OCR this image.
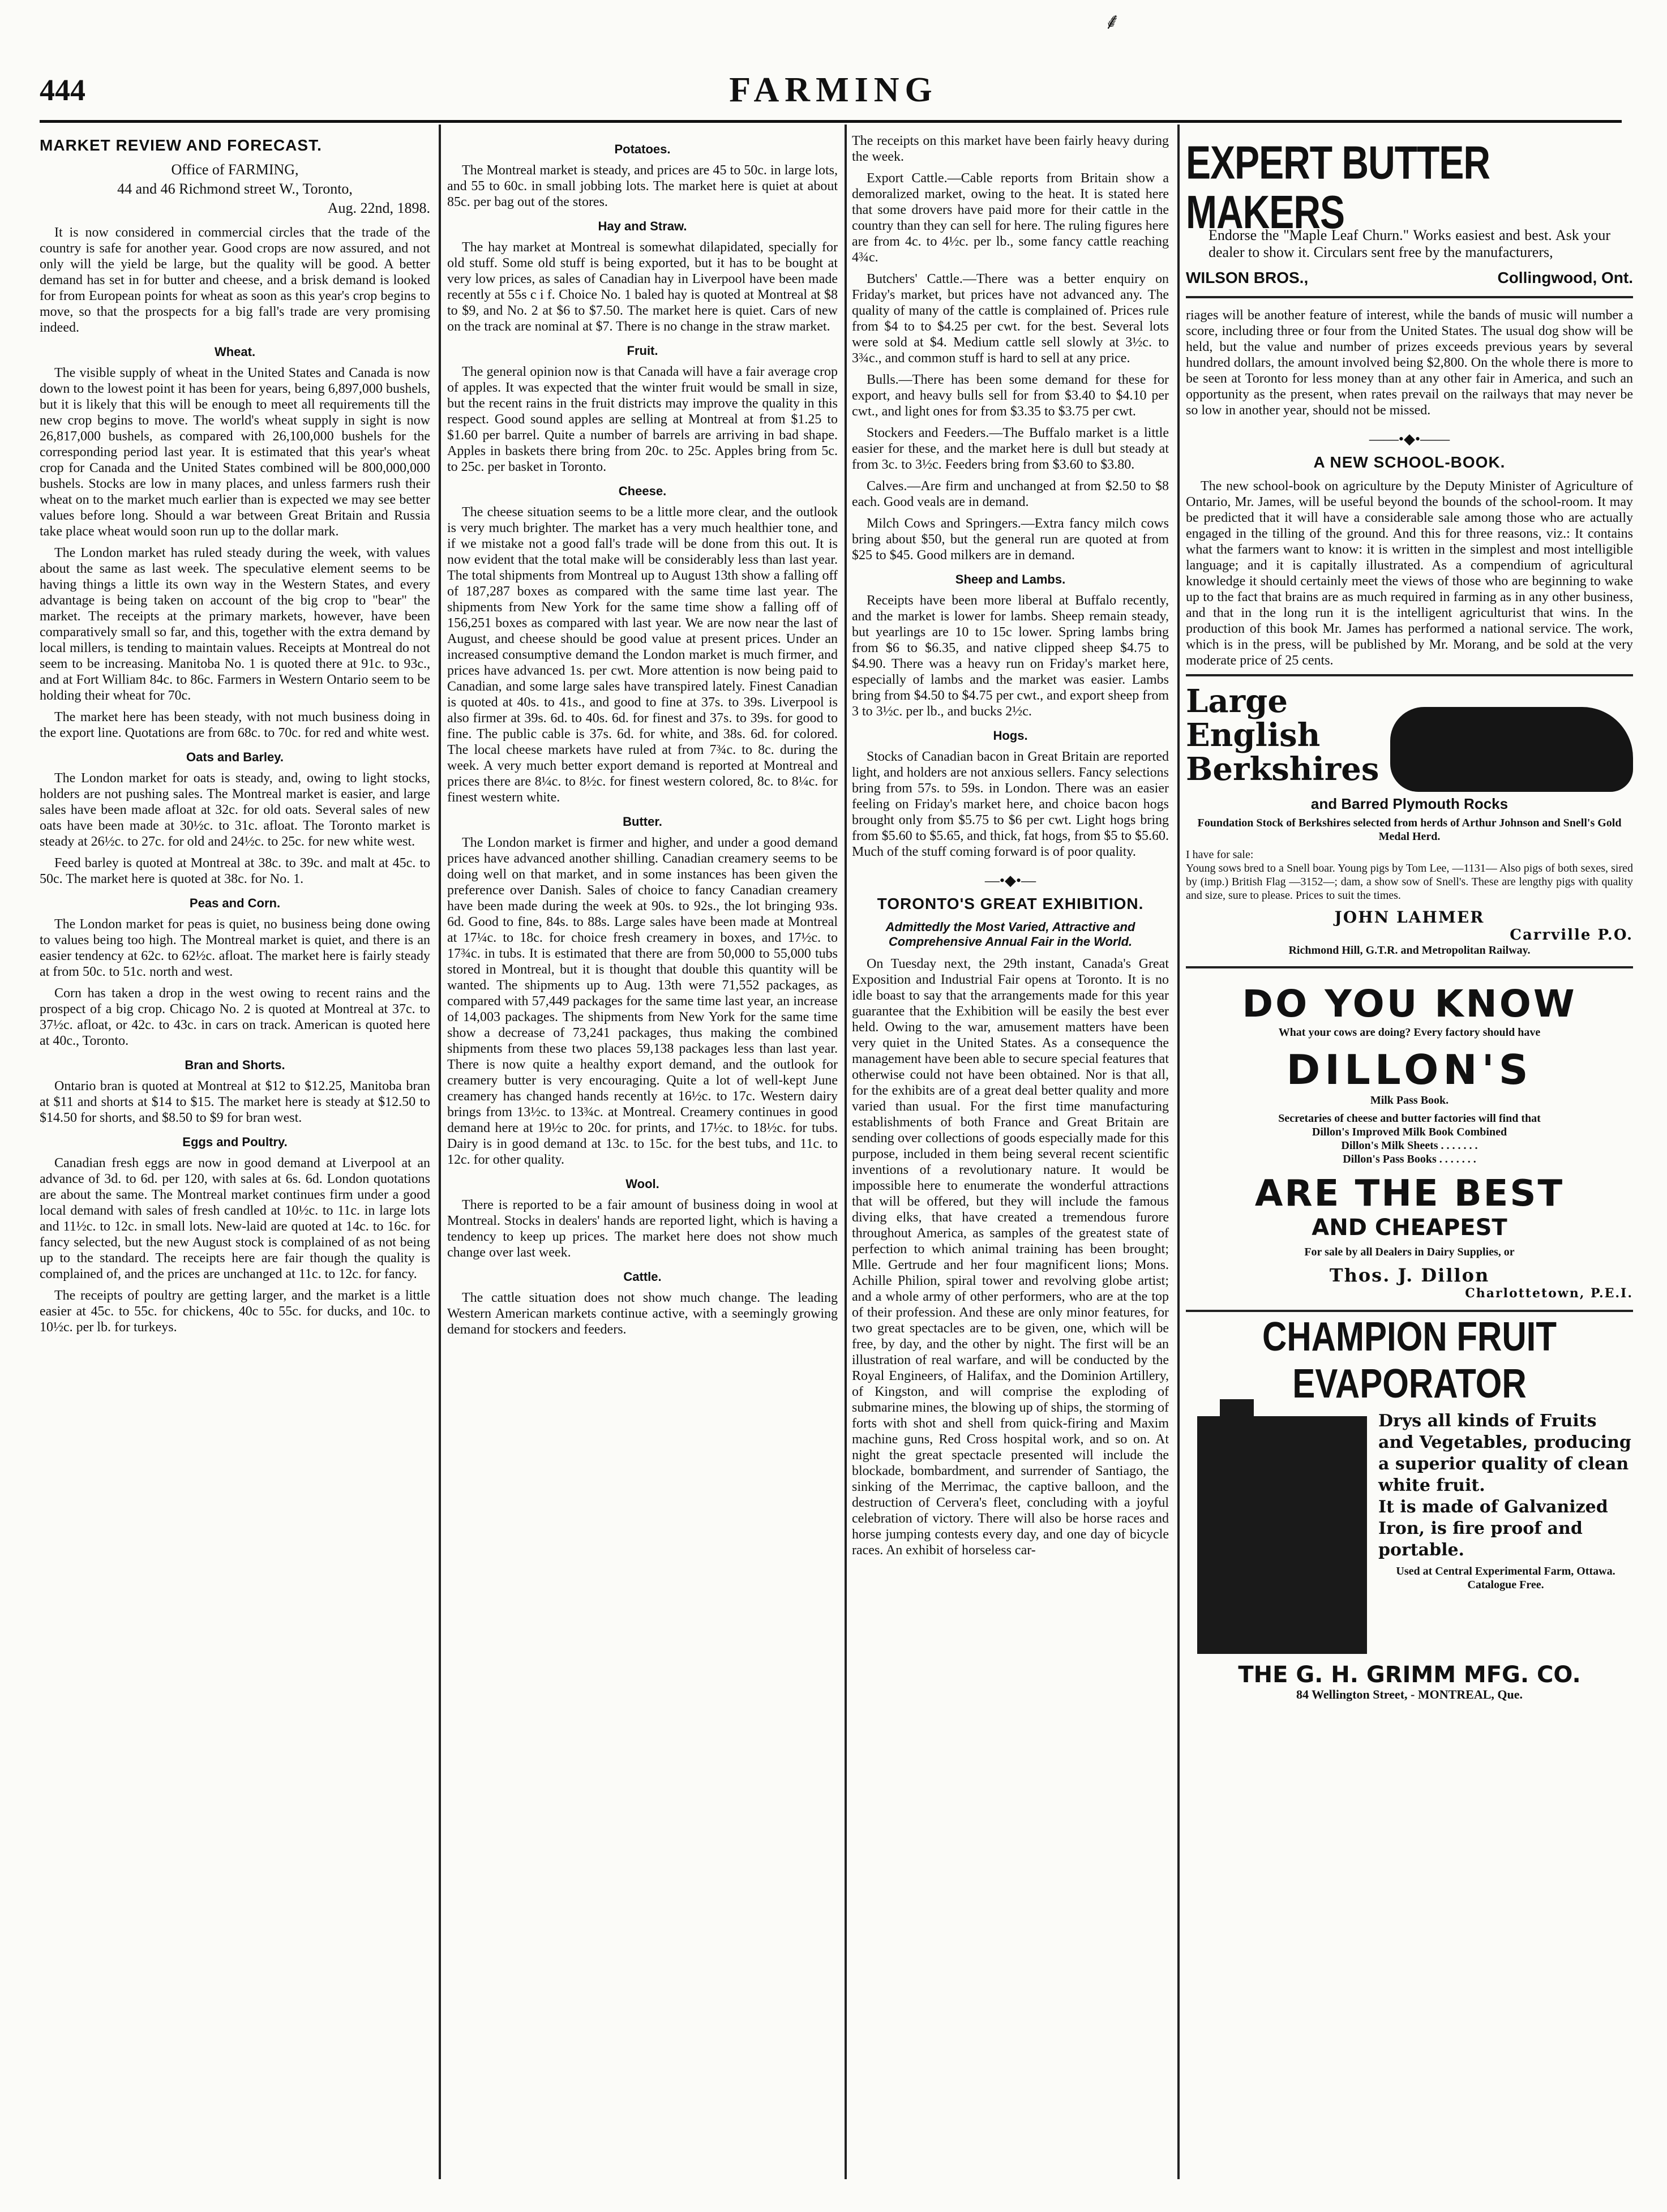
⸙
444	FARMING
MARKET REVIEW AND FORECAST.
Office of FARMING,
44 and 46 Richmond street W., Toronto,
Aug. 22nd, 1898.

It is now considered in commercial circles that the trade of the country is safe for another year. Good crops are now assured, and not only will the yield be large, but the quality will be good. A better demand has set in for butter and cheese, and a brisk demand is looked for from European points for wheat as soon as this year's crop begins to move, so that the prospects for a big fall's trade are very promising indeed.

Wheat.

The visible supply of wheat in the United States and Canada is now down to the lowest point it has been for years, being 6,897,000 bushels, but it is likely that this will be enough to meet all requirements till the new crop begins to move. The world's wheat supply in sight is now 26,817,000 bushels, as compared with 26,100,000 bushels for the corresponding period last year. It is estimated that this year's wheat crop for Canada and the United States combined will be 800,000,000 bushels. Stocks are low in many places, and unless farmers rush their wheat on to the market much earlier than is expected we may see better values before long. Should a war between Great Britain and Russia take place wheat would soon run up to the dollar mark.

The London market has ruled steady during the week, with values about the same as last week. The speculative element seems to be having things a little its own way in the Western States, and every advantage is being taken on account of the big crop to "bear" the market. The receipts at the primary markets, however, have been comparatively small so far, and this, together with the extra demand by local millers, is tending to maintain values. Receipts at Montreal do not seem to be increasing. Manitoba No. 1 is quoted there at 91c. to 93c., and at Fort William 84c. to 86c. Farmers in Western Ontario seem to be holding their wheat for 70c.

The market here has been steady, with not much business doing in the export line. Quotations are from 68c. to 70c. for red and white west.

Oats and Barley.

The London market for oats is steady, and, owing to light stocks, holders are not pushing sales. The Montreal market is easier, and large sales have been made afloat at 32c. for old oats. Several sales of new oats have been made at 30½c. to 31c. afloat. The Toronto market is steady at 26½c. to 27c. for old and 24½c. to 25c. for new white west.

Feed barley is quoted at Montreal at 38c. to 39c. and malt at 45c. to 50c. The market here is quoted at 38c. for No. 1.

Peas and Corn.

The London market for peas is quiet, no business being done owing to values being too high. The Montreal market is quiet, and there is an easier tendency at 62c. to 62½c. afloat. The market here is fairly steady at from 50c. to 51c. north and west.

Corn has taken a drop in the west owing to recent rains and the prospect of a big crop. Chicago No. 2 is quoted at Montreal at 37c. to 37½c. afloat, or 42c. to 43c. in cars on track. American is quoted here at 40c., Toronto.

Bran and Shorts.

Ontario bran is quoted at Montreal at $12 to $12.25, Manitoba bran at $11 and shorts at $14 to $15. The market here is steady at $12.50 to $14.50 for shorts, and $8.50 to $9 for bran west.

Eggs and Poultry.

Canadian fresh eggs are now in good demand at Liverpool at an advance of 3d. to 6d. per 120, with sales at 6s. 6d. London quotations are about the same. The Montreal market continues firm under a good local demand with sales of fresh candled at 10½c. to 11c. in large lots and 11½c. to 12c. in small lots. New-laid are quoted at 14c. to 16c. for fancy selected, but the new August stock is complained of as not being up to the standard. The receipts here are fair though the quality is complained of, and the prices are unchanged at 11c. to 12c. for fancy.

The receipts of poultry are getting larger, and the market is a little easier at 45c. to 55c. for chickens, 40c to 55c. for ducks, and 10c. to 10½c. per lb. for turkeys.

Potatoes.

The Montreal market is steady, and prices are 45 to 50c. in large lots, and 55 to 60c. in small jobbing lots. The market here is quiet at about 85c. per bag out of the stores.

Hay and Straw.

The hay market at Montreal is somewhat dilapidated, specially for old stuff. Some old stuff is being exported, but it has to be bought at very low prices, as sales of Canadian hay in Liverpool have been made recently at 55s c i f. Choice No. 1 baled hay is quoted at Montreal at $8 to $9, and No. 2 at $6 to $7.50. The market here is quiet. Cars of new on the track are nominal at $7. There is no change in the straw market.

Fruit.

The general opinion now is that Canada will have a fair average crop of apples. It was expected that the winter fruit would be small in size, but the recent rains in the fruit districts may improve the quality in this respect. Good sound apples are selling at Montreal at from $1.25 to $1.60 per barrel. Quite a number of barrels are arriving in bad shape. Apples in baskets there bring from 20c. to 25c. Apples bring from 5c. to 25c. per basket in Toronto.

Cheese.

The cheese situation seems to be a little more clear, and the outlook is very much brighter. The market has a very much healthier tone, and if we mistake not a good fall's trade will be done from this out. It is now evident that the total make will be considerably less than last year. The total shipments from Montreal up to August 13th show a falling off of 187,287 boxes as compared with the same time last year. The shipments from New York for the same time show a falling off of 156,251 boxes as compared with last year. We are now near the last of August, and cheese should be good value at present prices. Under an increased consumptive demand the London market is much firmer, and prices have advanced 1s. per cwt. More attention is now being paid to Canadian, and some large sales have transpired lately. Finest Canadian is quoted at 40s. to 41s., and good to fine at 37s. to 39s. Liverpool is also firmer at 39s. 6d. to 40s. 6d. for finest and 37s. to 39s. for good to fine. The public cable is 37s. 6d. for white, and 38s. 6d. for colored. The local cheese markets have ruled at from 7¾c. to 8c. during the week. A very much better export demand is reported at Montreal and prices there are 8¼c. to 8½c. for finest western colored, 8c. to 8¼c. for finest western white.

Butter.

The London market is firmer and higher, and under a good demand prices have advanced another shilling. Canadian creamery seems to be doing well on that market, and in some instances has been given the preference over Danish. Sales of choice to fancy Canadian creamery have been made during the week at 90s. to 92s., the lot bringing 93s. 6d. Good to fine, 84s. to 88s. Large sales have been made at Montreal at 17¼c. to 18c. for choice fresh creamery in boxes, and 17½c. to 17¾c. in tubs. It is estimated that there are from 50,000 to 55,000 tubs stored in Montreal, but it is thought that double this quantity will be wanted. The shipments up to Aug. 13th were 71,552 packages, as compared with 57,449 packages for the same time last year, an increase of 14,003 packages. The shipments from New York for the same time show a decrease of 73,241 packages, thus making the combined shipments from these two places 59,138 packages less than last year. There is now quite a healthy export demand, and the outlook for creamery butter is very encouraging. Quite a lot of well-kept June creamery has changed hands recently at 16½c. to 17c. Western dairy brings from 13½c. to 13¾c. at Montreal. Creamery continues in good demand here at 19½c to 20c. for prints, and 17½c. to 18½c. for tubs. Dairy is in good demand at 13c. to 15c. for the best tubs, and 11c. to 12c. for other quality.

Wool.

There is reported to be a fair amount of business doing in wool at Montreal. Stocks in dealers' hands are reported light, which is having a tendency to keep up prices. The market here does not show much change over last week.

Cattle.

The cattle situation does not show much change. The leading Western American markets continue active, with a seemingly growing demand for stockers and feeders.

The receipts on this market have been fairly heavy during the week.

Export Cattle.—Cable reports from Britain show a demoralized market, owing to the heat. It is stated here that some drovers have paid more for their cattle in the country than they can sell for here. The ruling figures here are from 4c. to 4½c. per lb., some fancy cattle reaching 4¾c.

Butchers' Cattle.—There was a better enquiry on Friday's market, but prices have not advanced any. The quality of many of the cattle is complained of. Prices rule from $4 to to $4.25 per cwt. for the best. Several lots were sold at $4. Medium cattle sell slowly at 3½c. to 3¾c., and common stuff is hard to sell at any price.

Bulls.—There has been some demand for these for export, and heavy bulls sell for from $3.40 to $4.10 per cwt., and light ones for from $3.35 to $3.75 per cwt.

Stockers and Feeders.—The Buffalo market is a little easier for these, and the market here is dull but steady at from 3c. to 3½c. Feeders bring from $3.60 to $3.80.

Calves.—Are firm and unchanged at from $2.50 to $8 each. Good veals are in demand.

Milch Cows and Springers.—Extra fancy milch cows bring about $50, but the general run are quoted at from $25 to $45. Good milkers are in demand.

Sheep and Lambs.

Receipts have been more liberal at Buffalo recently, and the market is lower for lambs. Sheep remain steady, but yearlings are 10 to 15c lower. Spring lambs bring from $6 to $6.35, and native clipped sheep $4.75 to $4.90. There was a heavy run on Friday's market here, especially of lambs and the market was easier. Lambs bring from $4.50 to $4.75 per cwt., and export sheep from 3 to 3½c. per lb., and bucks 2½c.

Hogs.

Stocks of Canadian bacon in Great Britain are reported light, and holders are not anxious sellers. Fancy selections bring from 57s. to 59s. in London. There was an easier feeling on Friday's market here, and choice bacon hogs brought only from $5.75 to $6 per cwt. Light hogs bring from $5.60 to $5.65, and thick, fat hogs, from $5 to $5.60. Much of the stuff coming forward is of poor quality.

—•◆•—
TORONTO'S GREAT EXHIBITION.
Admittedly the Most Varied, Attractive and Comprehensive Annual Fair in the World.

On Tuesday next, the 29th instant, Canada's Great Exposition and Industrial Fair opens at Toronto. It is no idle boast to say that the arrangements made for this year guarantee that the Exhibition will be easily the best ever held. Owing to the war, amusement matters have been very quiet in the United States. As a consequence the management have been able to secure special features that otherwise could not have been obtained. Nor is that all, for the exhibits are of a great deal better quality and more varied than usual. For the first time manufacturing establishments of both France and Great Britain are sending over collections of goods especially made for this purpose, included in them being several recent scientific inventions of a revolutionary nature. It would be impossible here to enumerate the wonderful attractions that will be offered, but they will include the famous diving elks, that have created a tremendous furore throughout America, as samples of the greatest state of perfection to which animal training has been brought; Mlle. Gertrude and her four magnificent lions; Mons. Achille Philion, spiral tower and revolving globe artist; and a whole army of other performers, who are at the top of their profession. And these are only minor features, for two great spectacles are to be given, one, which will be free, by day, and the other by night. The first will be an illustration of real warfare, and will be conducted by the Royal Engineers, of Halifax, and the Dominion Artillery, of Kingston, and will comprise the exploding of submarine mines, the blowing up of ships, the storming of forts with shot and shell from quick-firing and Maxim machine guns, Red Cross hospital work, and so on. At night the great spectacle presented will include the blockade, bombardment, and surrender of Santiago, the sinking of the Merrimac, the captive balloon, and the destruction of Cervera's fleet, concluding with a joyful celebration of victory. There will also be horse races and horse jumping contests every day, and one day of bicycle races. An exhibit of horseless car-

EXPERT BUTTER MAKERS
Endorse the "Maple Leaf Churn." Works easiest and best. Ask your dealer to show it. Circulars sent free by the manufacturers,
WILSON BROS.,	Collingwood, Ont.

riages will be another feature of interest, while the bands of music will number a score, including three or four from the United States. The usual dog show will be held, but the value and number of prizes exceeds previous years by several hundred dollars, the amount involved being $2,800. On the whole there is more to be seen at Toronto for less money than at any other fair in America, and such an opportunity as the present, when rates prevail on the railways that may never be so low in another year, should not be missed.

——•◆•——
A NEW SCHOOL-BOOK.

The new school-book on agriculture by the Deputy Minister of Agriculture of Ontario, Mr. James, will be useful beyond the bounds of the school-room. It may be predicted that it will have a considerable sale among those who are actually engaged in the tilling of the ground. And this for three reasons, viz.: It contains what the farmers want to know: it is written in the simplest and most intelligible language; and it is capitally illustrated. As a compendium of agricultural knowledge it should certainly meet the views of those who are beginning to wake up to the fact that brains are as much required in farming as in any other business, and that in the long run it is the intelligent agriculturist that wins. In the production of this book Mr. James has performed a national service. The work, which is in the press, will be published by Mr. Morang, and be sold at the very moderate price of 25 cents.

Large
English
Berkshires
and Barred Plymouth Rocks
Foundation Stock of Berkshires selected from herds of Arthur Johnson and Snell's Gold Medal Herd.
I have for sale:
Young sows bred to a Snell boar. Young pigs by Tom Lee, —1131— Also pigs of both sexes, sired by (imp.) British Flag —3152—; dam, a show sow of Snell's. These are lengthy pigs with quality and size, sure to please. Prices to suit the times.
JOHN LAHMER
Carrville P.O.
Richmond Hill, G.T.R. and Metropolitan Railway.
DO YOU KNOW
What your cows are doing? Every factory should have
DILLON'S
Milk Pass Book.
Secretaries of cheese and butter factories will find that
Dillon's Improved Milk Book Combined
Dillon's Milk Sheets . . . . . . .
Dillon's Pass Books . . . . . . .
ARE THE BEST
AND CHEAPEST
For sale by all Dealers in Dairy Supplies, or
Thos. J. Dillon
Charlottetown, P.E.I.
CHAMPION FRUIT EVAPORATOR
Drys all kinds of Fruits and Vegetables, producing a superior quality of clean white fruit.
It is made of Galvanized Iron, is fire proof and portable.
Used at Central Experimental Farm, Ottawa.
Catalogue Free.
THE G. H. GRIMM MFG. CO.
84 Wellington Street, - MONTREAL, Que.
